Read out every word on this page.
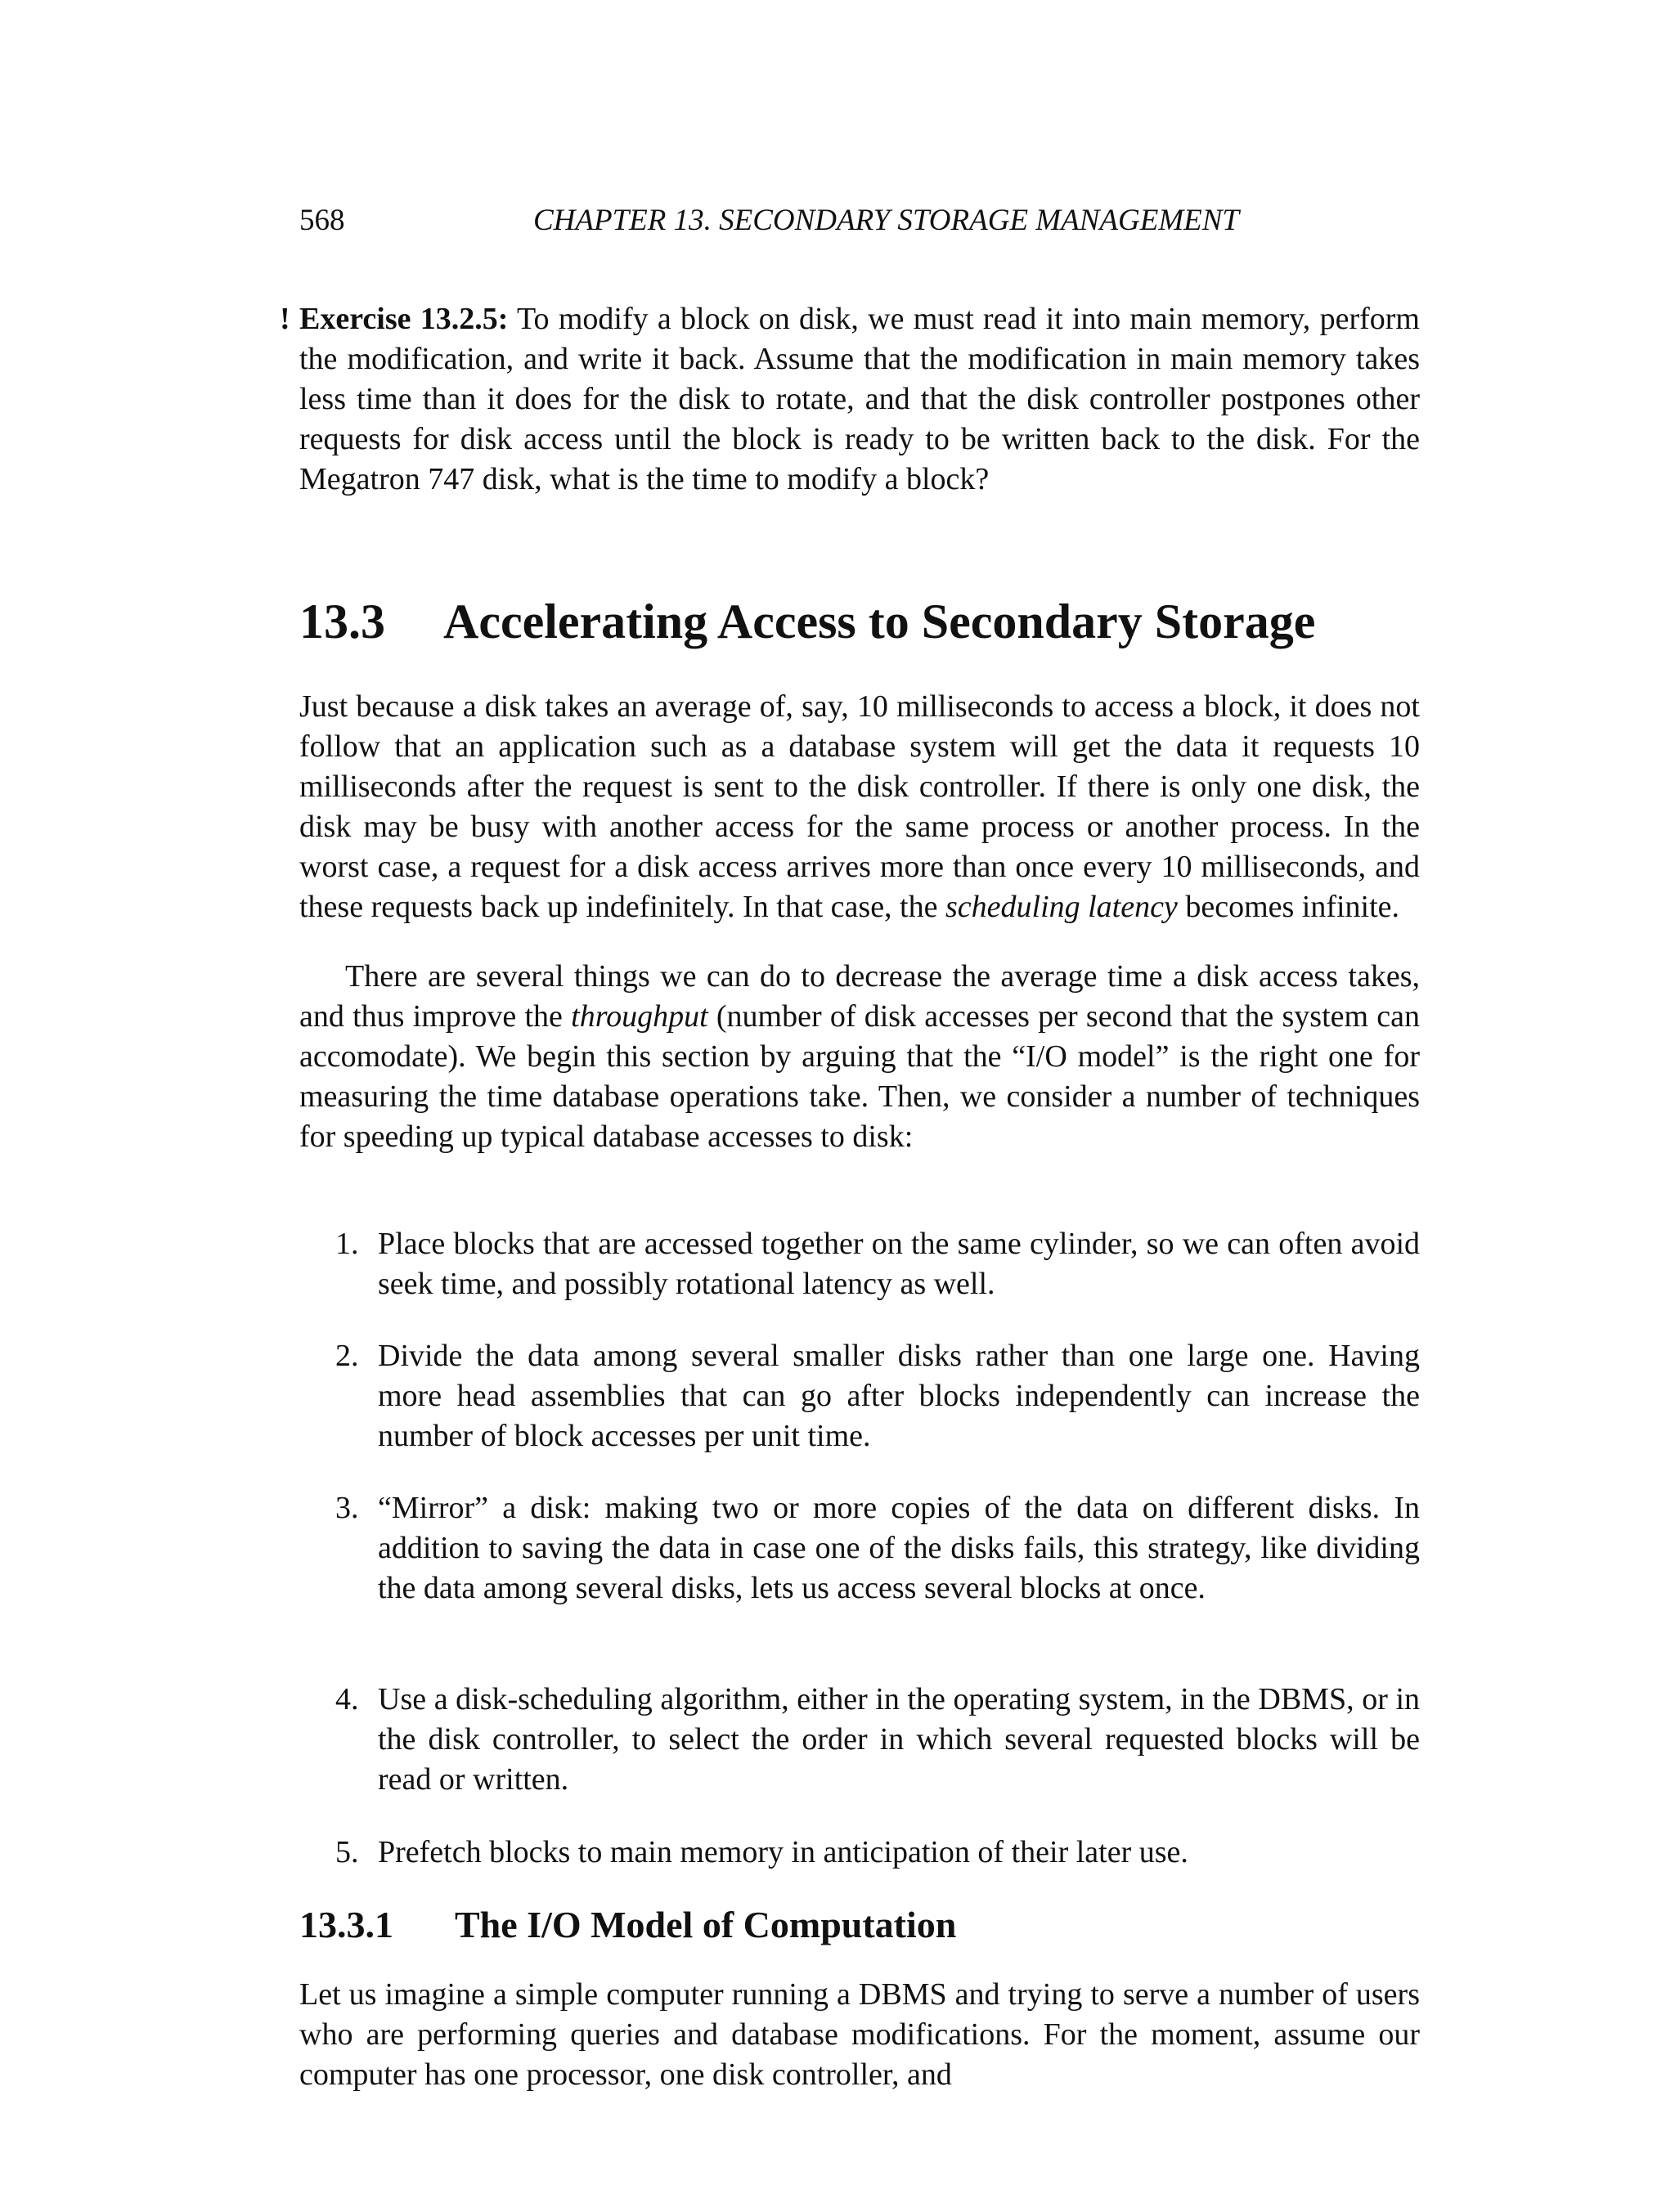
568	CHAPTER 13. SECONDARY STORAGE MANAGEMENT
! Exercise 13.2.5: To modify a block on disk, we must read it into main memory, perform the modification, and write it back. Assume that the modification in main memory takes less time than it does for the disk to rotate, and that the disk controller postpones other requests for disk access until the block is ready to be written back to the disk. For the Megatron 747 disk, what is the time to modify a block?
13.3 Accelerating Access to Secondary Storage
Just because a disk takes an average of, say, 10 milliseconds to access a block, it does not follow that an application such as a database system will get the data it requests 10 milliseconds after the request is sent to the disk controller. If there is only one disk, the disk may be busy with another access for the same process or another process. In the worst case, a request for a disk access arrives more than once every 10 milliseconds, and these requests back up indefinitely. In that case, the scheduling latency becomes infinite.
There are several things we can do to decrease the average time a disk access takes, and thus improve the throughput (number of disk accesses per second that the system can accomodate). We begin this section by arguing that the “I/O model” is the right one for measuring the time database operations take. Then, we consider a number of techniques for speeding up typical database accesses to disk:
1. Place blocks that are accessed together on the same cylinder, so we can often avoid seek time, and possibly rotational latency as well.
2. Divide the data among several smaller disks rather than one large one. Having more head assemblies that can go after blocks independently can increase the number of block accesses per unit time.
3. “Mirror” a disk: making two or more copies of the data on different disks. In addition to saving the data in case one of the disks fails, this strategy, like dividing the data among several disks, lets us access several blocks at once.
4. Use a disk-scheduling algorithm, either in the operating system, in the DBMS, or in the disk controller, to select the order in which several requested blocks will be read or written.
5. Prefetch blocks to main memory in anticipation of their later use.
13.3.1 The I/O Model of Computation
Let us imagine a simple computer running a DBMS and trying to serve a number of users who are performing queries and database modifications. For the moment, assume our computer has one processor, one disk controller, and
